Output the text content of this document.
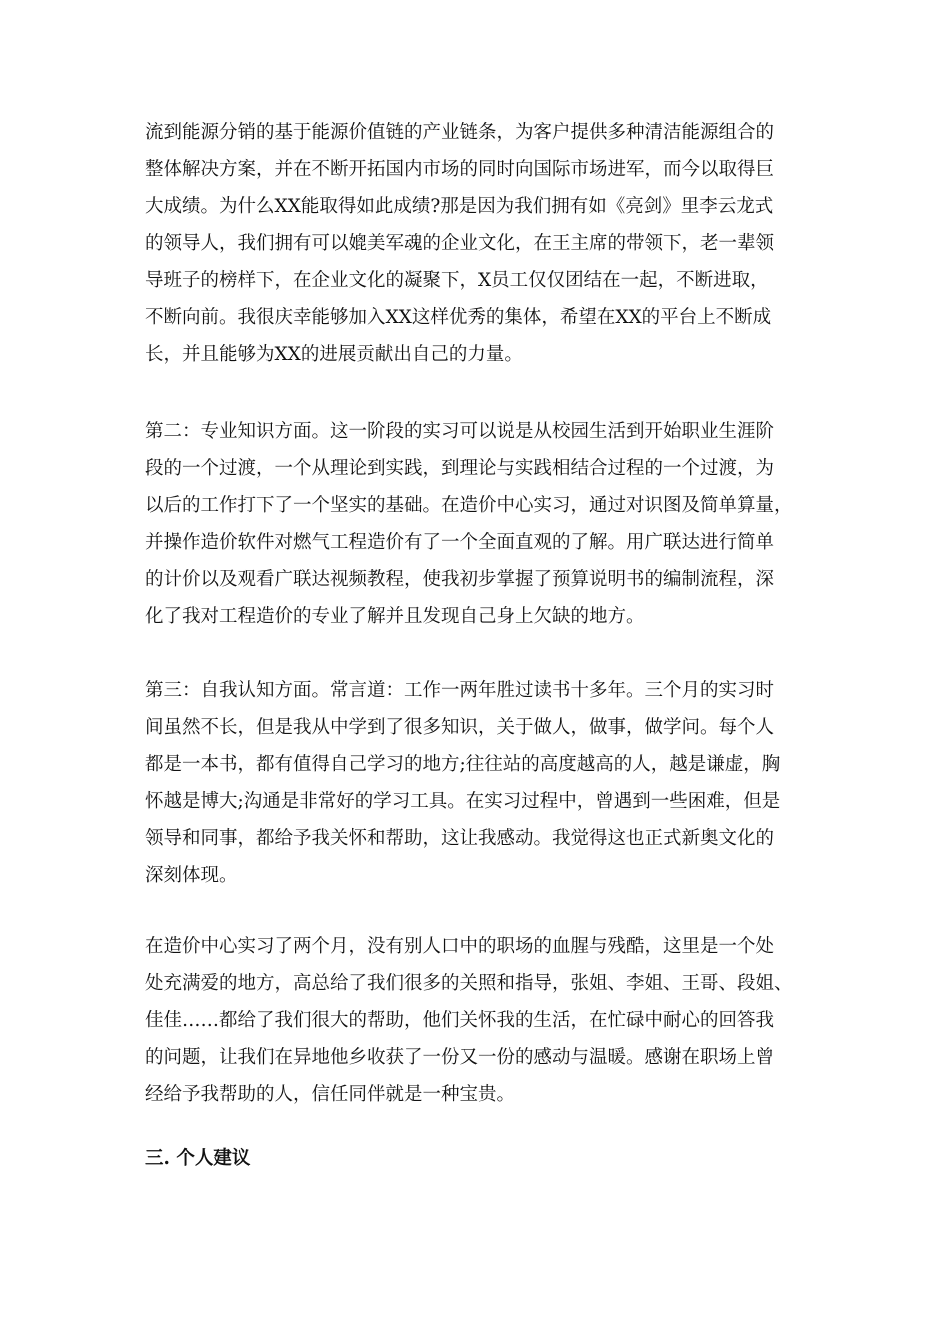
流到能源分销的基于能源价值链的产业链条，为客户提供多种清洁能源组合的
整体解决方案，并在不断开拓国内市场的同时向国际市场进军，而今以取得巨
大成绩。为什么XX能取得如此成绩?那是因为我们拥有如《亮剑》里李云龙式
的领导人，我们拥有可以媲美军魂的企业文化，在王主席的带领下，老一辈领
导班子的榜样下，在企业文化的凝聚下，X员工仅仅团结在一起，不断进取，
不断向前。我很庆幸能够加入XX这样优秀的集体，希望在XX的平台上不断成
长，并且能够为XX的进展贡献出自己的力量。

第二：专业知识方面。这一阶段的实习可以说是从校园生活到开始职业生涯阶
段的一个过渡，一个从理论到实践，到理论与实践相结合过程的一个过渡，为
以后的工作打下了一个坚实的基础。在造价中心实习，通过对识图及简单算量，
并操作造价软件对燃气工程造价有了一个全面直观的了解。用广联达进行简单
的计价以及观看广联达视频教程，使我初步掌握了预算说明书的编制流程，深
化了我对工程造价的专业了解并且发现自己身上欠缺的地方。

第三：自我认知方面。常言道：工作一两年胜过读书十多年。三个月的实习时
间虽然不长，但是我从中学到了很多知识，关于做人，做事，做学问。每个人
都是一本书，都有值得自己学习的地方;往往站的高度越高的人，越是谦虚，胸
怀越是博大;沟通是非常好的学习工具。在实习过程中，曾遇到一些困难，但是
领导和同事，都给予我关怀和帮助，这让我感动。我觉得这也正式新奥文化的
深刻体现。

在造价中心实习了两个月，没有别人口中的职场的血腥与残酷，这里是一个处
处充满爱的地方，高总给了我们很多的关照和指导，张姐、李姐、王哥、段姐、
佳佳……都给了我们很大的帮助，他们关怀我的生活，在忙碌中耐心的回答我
的问题，让我们在异地他乡收获了一份又一份的感动与温暖。感谢在职场上曾
经给予我帮助的人，信任同伴就是一种宝贵。

三. 个人建议
